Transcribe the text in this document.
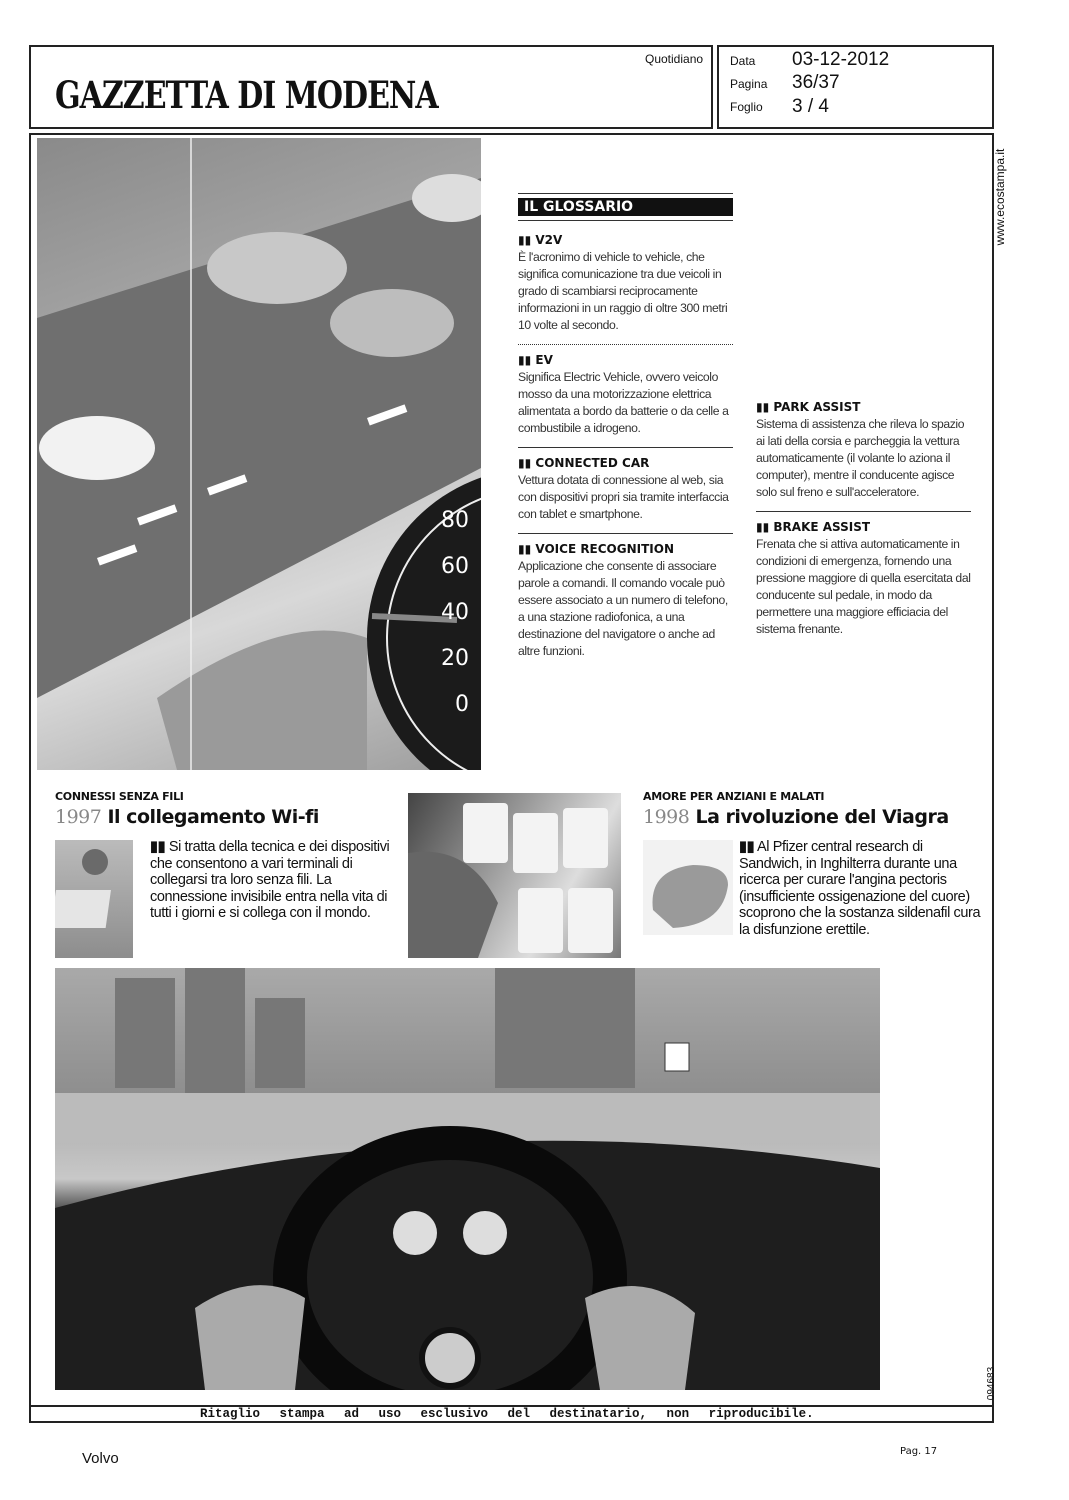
GAZZETTA DI MODENA
Quotidiano Data 03-12-2012
Pagina 36/37
Foglio 3 / 4
Ritaglio stampa ad uso esclusivo del destinatario, non riproducibile.
www.ecostampa.it
094683
80
60
40
20
0
IL GLOSSARIO
▮▮ V2V
È l'acronimo di vehicle to vehicle, che significa comunicazione tra due veicoli in grado di scambiarsi reciprocamente informazioni in un raggio di oltre 300 metri 10 volte al secondo.
▮▮ EV
Significa Electric Vehicle, ovvero veicolo mosso da una motorizzazione elettrica alimentata a bordo da batterie o da celle a combustibile a idrogeno.
▮▮ CONNECTED CAR
Vettura dotata di connessione al web, sia con dispositivi propri sia tramite interfaccia con tablet e smartphone.
▮▮ VOICE RECOGNITION
Applicazione che consente di associare parole a comandi. Il comando vocale può essere associato a un numero di telefono, a una stazione radiofonica, a una destinazione del navigatore o anche ad altre funzioni.
▮▮ PARK ASSIST
Sistema di assistenza che rileva lo spazio ai lati della corsia e parcheggia la vettura automaticamente (il volante lo aziona il computer), mentre il conducente agisce solo sul freno e sull'acceleratore.
▮▮ BRAKE ASSIST
Frenata che si attiva automaticamente in condizioni di emergenza, fornendo una pressione maggiore di quella esercitata dal conducente sul pedale, in modo da permettere una maggiore efficiacia del sistema frenante.
CONNESSI SENZA FILI
1997 Il collegamento Wi-fi
▮▮ Si tratta della tecnica e dei dispositivi che consentono a vari terminali di collegarsi tra loro senza fili. La connessione invisibile entra nella vita di tutti i giorni e si collega con il mondo.
AMORE PER ANZIANI E MALATI
1998 La rivoluzione del Viagra
▮▮ Al Pfizer central research di Sandwich, in Inghilterra durante una ricerca per curare l'angina pectoris (insufficiente ossigenazione del cuore) scoprono che la sostanza sildenafil cura la disfunzione erettile.
Volvo	Pag. 17
